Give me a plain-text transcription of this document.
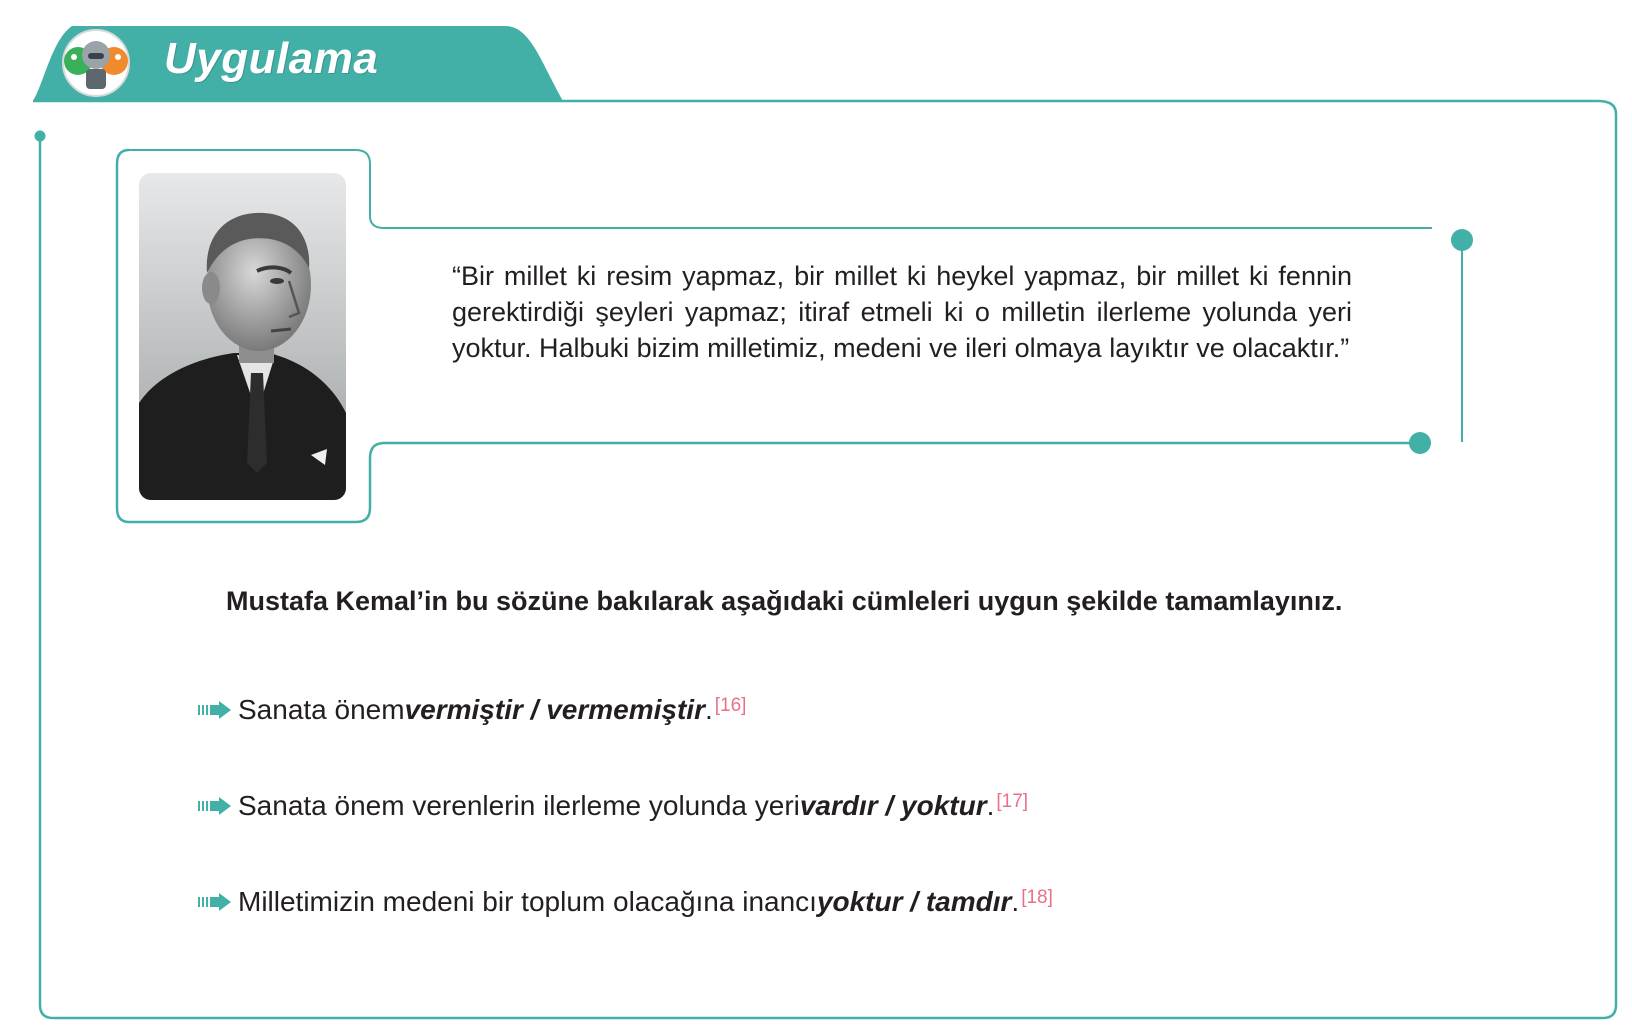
Uygulama
“Bir millet ki resim yapmaz, bir millet ki heykel yapmaz, bir millet ki fennin gerektirdiği şeyleri yapmaz; itiraf etmeli ki o milletin ilerleme yolunda yeri yoktur. Halbuki bizim milletimiz, medeni ve ileri olmaya layıktır ve olacaktır.”
Mustafa Kemal’in bu sözüne bakılarak aşağıdaki cümleleri uygun şekilde tamamlayınız.
Sanata önem vermiştir / vermemiştir .[16]
Sanata önem verenlerin ilerleme yolunda yeri vardır / yoktur .[17]
Milletimizin medeni bir toplum olacağına inancı yoktur / tamdır .[18]
